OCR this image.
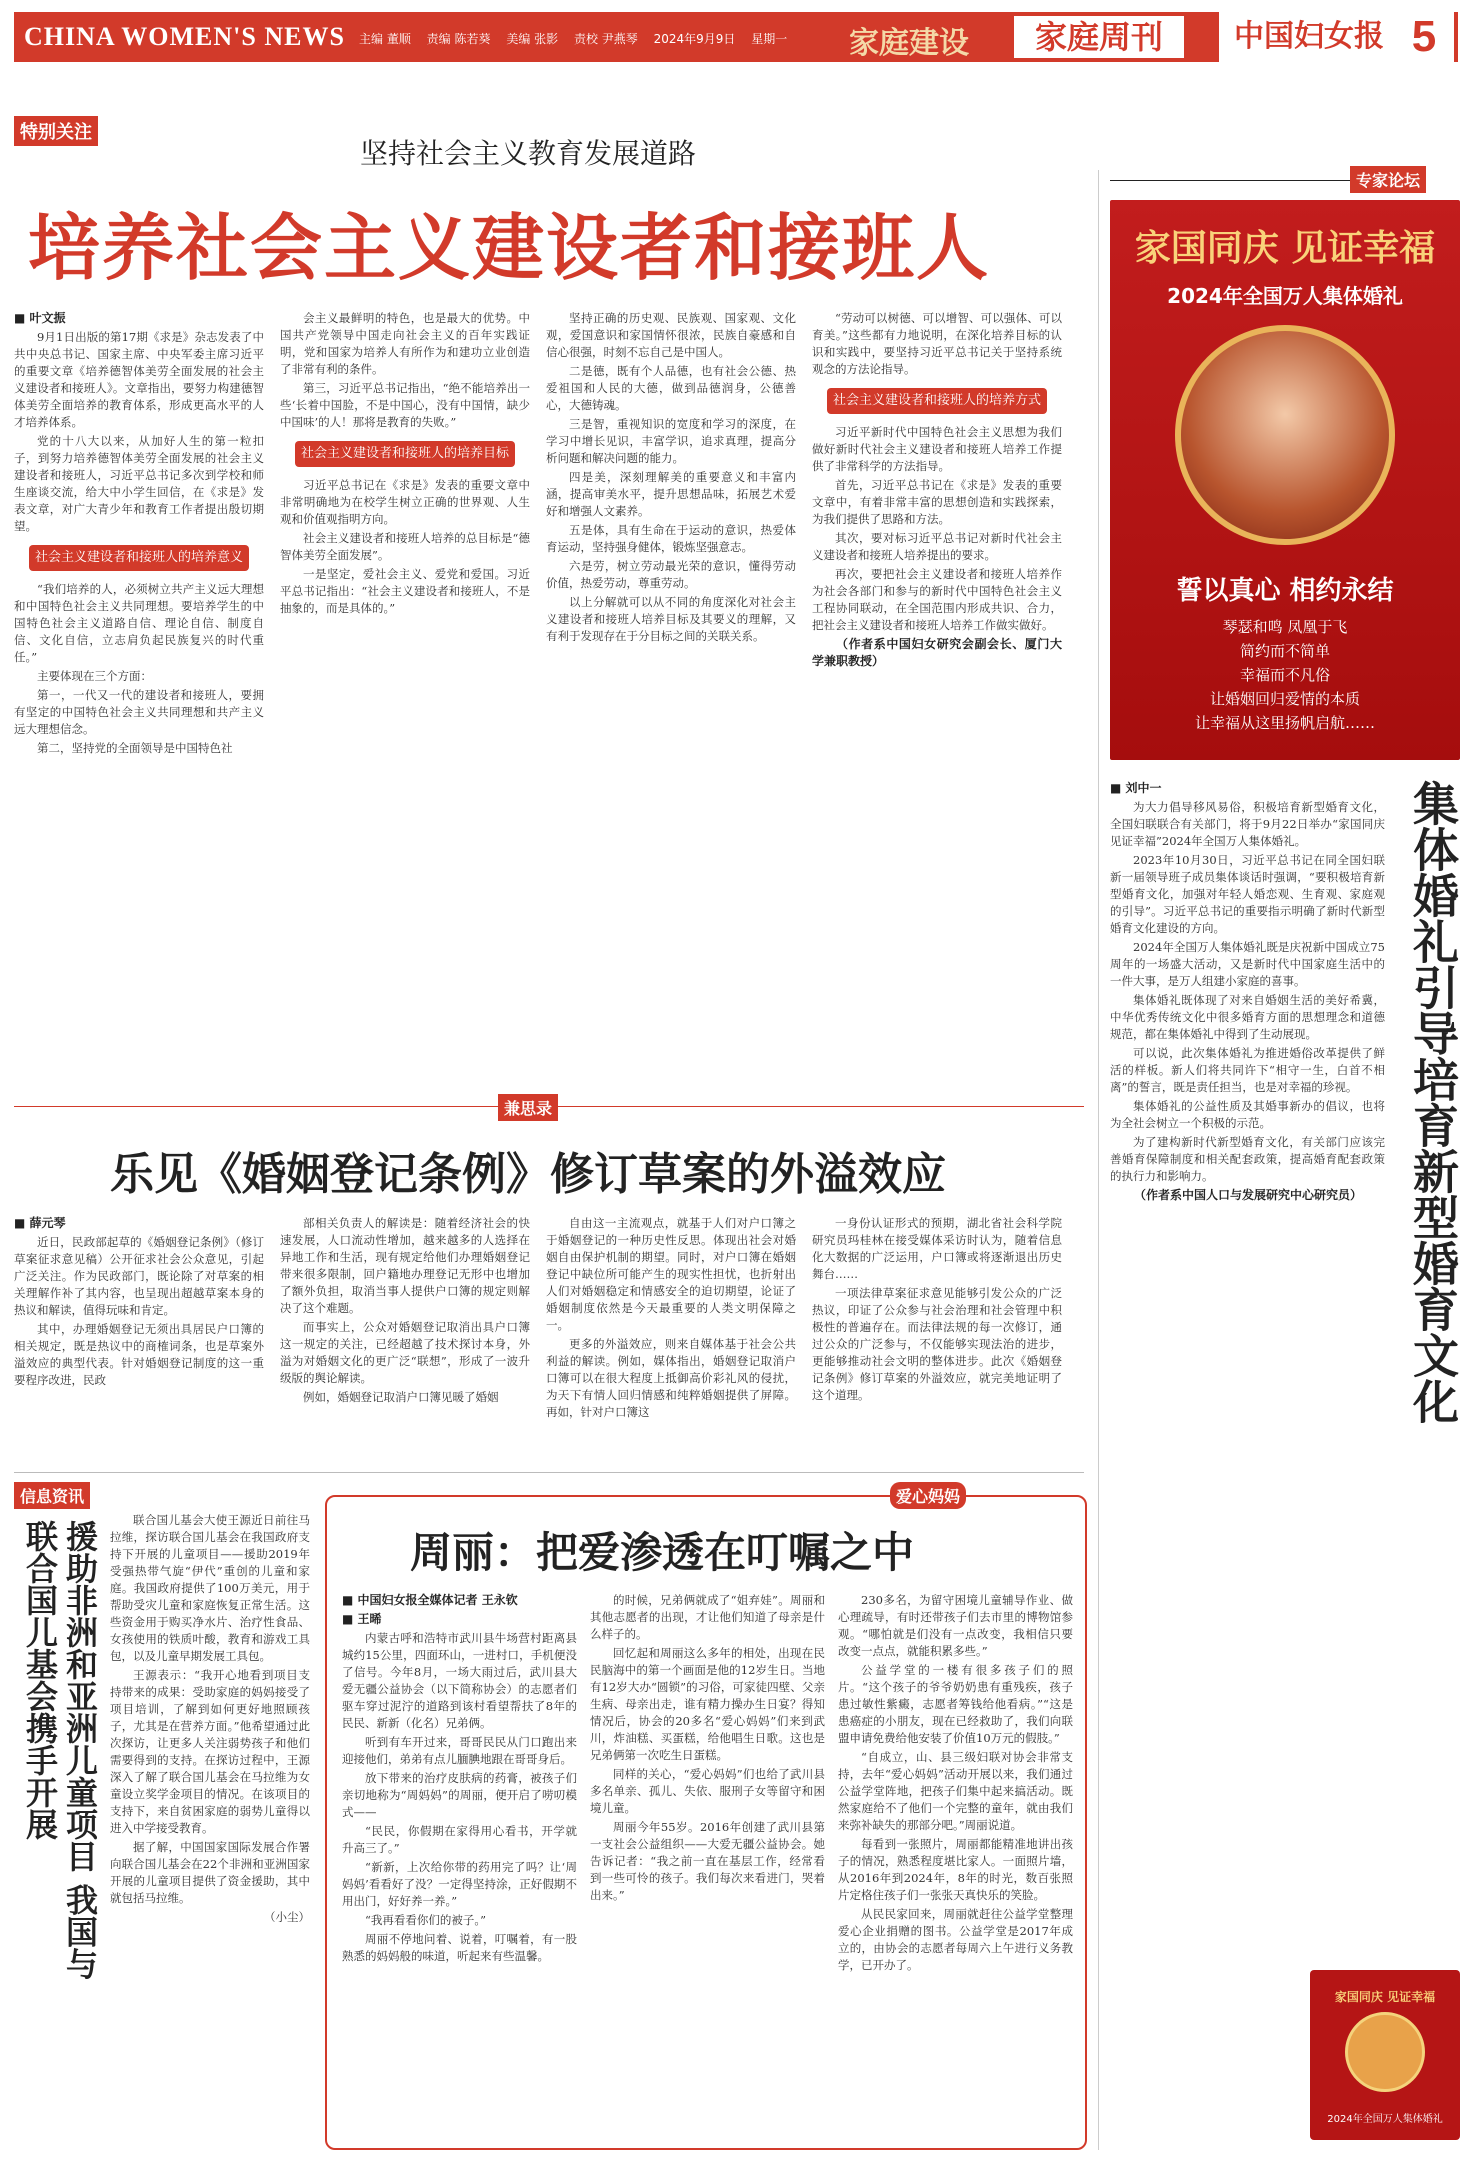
CHINA WOMEN'S NEWS 主编 董顺 责编 陈若葵 美编 张影 责校 尹燕琴 2024年9月9日 星期一	家庭建设	家庭周刊	中国妇女报 5
特别关注
坚持社会主义教育发展道路
培养社会主义建设者和接班人

■ 叶文振

9月1日出版的第17期《求是》杂志发表了中共中央总书记、国家主席、中央军委主席习近平的重要文章《培养德智体美劳全面发展的社会主义建设者和接班人》。文章指出，要努力构建德智体美劳全面培养的教育体系，形成更高水平的人才培养体系。

党的十八大以来，从加好人生的第一粒扣子，到努力培养德智体美劳全面发展的社会主义建设者和接班人，习近平总书记多次到学校和师生座谈交流，给大中小学生回信，在《求是》发表文章，对广大青少年和教育工作者提出殷切期望。

社会主义建设者和接班人的培养意义

“我们培养的人，必须树立共产主义远大理想和中国特色社会主义共同理想。要培养学生的中国特色社会主义道路自信、理论自信、制度自信、文化自信，立志肩负起民族复兴的时代重任。”

主要体现在三个方面：

第一，一代又一代的建设者和接班人，要拥有坚定的中国特色社会主义共同理想和共产主义远大理想信念。

第二，坚持党的全面领导是中国特色社

会主义最鲜明的特色，也是最大的优势。中国共产党领导中国走向社会主义的百年实践证明，党和国家为培养人有所作为和建功立业创造了非常有利的条件。

第三，习近平总书记指出，“绝不能培养出一些‘长着中国脸，不是中国心，没有中国情，缺少中国味’的人！那将是教育的失败。”

社会主义建设者和接班人的培养目标

习近平总书记在《求是》发表的重要文章中非常明确地为在校学生树立正确的世界观、人生观和价值观指明方向。

社会主义建设者和接班人培养的总目标是“德智体美劳全面发展”。

一是坚定，爱社会主义、爱党和爱国。习近平总书记指出：“社会主义建设者和接班人，不是抽象的，而是具体的。”

坚持正确的历史观、民族观、国家观、文化观，爱国意识和家国情怀很浓，民族自豪感和自信心很强，时刻不忘自己是中国人。

二是德，既有个人品德，也有社会公德、热爱祖国和人民的大德，做到品德润身，公德善心，大德铸魂。

三是智，重视知识的宽度和学习的深度，在学习中增长见识，丰富学识，追求真理，提高分析问题和解决问题的能力。

四是美，深刻理解美的重要意义和丰富内涵，提高审美水平，提升思想品味，拓展艺术爱好和增强人文素养。

五是体，具有生命在于运动的意识，热爱体育运动，坚持强身健体，锻炼坚强意志。

六是劳，树立劳动最光荣的意识，懂得劳动价值，热爱劳动，尊重劳动。

以上分解就可以从不同的角度深化对社会主义建设者和接班人培养目标及其要义的理解，又有利于发现存在于分目标之间的关联关系。

“劳动可以树德、可以增智、可以强体、可以育美。”这些都有力地说明，在深化培养目标的认识和实践中，要坚持习近平总书记关于坚持系统观念的方法论指导。

社会主义建设者和接班人的培养方式

习近平新时代中国特色社会主义思想为我们做好新时代社会主义建设者和接班人培养工作提供了非常科学的方法指导。

首先，习近平总书记在《求是》发表的重要文章中，有着非常丰富的思想创造和实践探索，为我们提供了思路和方法。

其次，要对标习近平总书记对新时代社会主义建设者和接班人培养提出的要求。

再次，要把社会主义建设者和接班人培养作为社会各部门和参与的新时代中国特色社会主义工程协同联动，在全国范围内形成共识、合力，把社会主义建设者和接班人培养工作做实做好。

（作者系中国妇女研究会副会长、厦门大学兼职教授）

兼思录
乐见《婚姻登记条例》修订草案的外溢效应

■ 薛元琴

近日，民政部起草的《婚姻登记条例》（修订草案征求意见稿）公开征求社会公众意见，引起广泛关注。作为民政部门，既论除了对草案的相关理解作补了其内容，也呈现出超越草案本身的热议和解读，值得玩味和肯定。

其中，办理婚姻登记无须出具居民户口簿的相关规定，既是热议中的商榷词条，也是草案外溢效应的典型代表。针对婚姻登记制度的这一重要程序改进，民政

部相关负责人的解读是：随着经济社会的快速发展，人口流动性增加，越来越多的人选择在异地工作和生活，现有规定给他们办理婚姻登记带来很多限制，回户籍地办理登记无形中也增加了额外负担，取消当事人提供户口簿的规定则解决了这个难题。

而事实上，公众对婚姻登记取消出具户口簿这一规定的关注，已经超越了技术探讨本身，外溢为对婚姻文化的更广泛“联想”，形成了一波升级版的舆论解读。

例如，婚姻登记取消户口簿见暖了婚姻

自由这一主流观点，就基于人们对户口簿之于婚姻登记的一种历史性反思。体现出社会对婚姻自由保护机制的期望。同时，对户口簿在婚姻登记中缺位所可能产生的现实性担忧，也折射出人们对婚姻稳定和情感安全的迫切期望，论证了婚姻制度依然是今天最重要的人类文明保障之一。

更多的外溢效应，则来自媒体基于社会公共利益的解读。例如，媒体指出，婚姻登记取消户口簿可以在很大程度上抵御高价彩礼风的侵扰，为天下有情人回归情感和纯粹婚姻提供了屏障。再如，针对户口簿这

一身份认证形式的预期，湖北省社会科学院研究员玛桂林在接受媒体采访时认为，随着信息化大数据的广泛运用，户口簿或将逐渐退出历史舞台……

一项法律草案征求意见能够引发公众的广泛热议，印证了公众参与社会治理和社会管理中积极性的普遍存在。而法律法规的每一次修订，通过公众的广泛参与，不仅能够实现法治的进步，更能够推动社会文明的整体进步。此次《婚姻登记条例》修订草案的外溢效应，就完美地证明了这个道理。

信息资讯
援助非洲和亚洲儿童项目 我国与联合国儿基会携手开展	联合国儿基会大使王源近日前往马拉维，探访联合国儿基会在我国政府支持下开展的儿童项目——援助2019年受强热带气旋“伊代”重创的儿童和家庭。我国政府提供了100万美元，用于帮助受灾儿童和家庭恢复正常生活。这些资金用于购买净水片、治疗性食品、女孩使用的铁质叶酸，教育和游戏工具包，以及儿童早期发展工具包。

王源表示：“我开心地看到项目支持带来的成果：受助家庭的妈妈接受了项目培训，了解到如何更好地照顾孩子，尤其是在营养方面。”他希望通过此次探访，让更多人关注弱势孩子和他们需要得到的支持。在探访过程中，王源深入了解了联合国儿基会在马拉维为女童设立奖学金项目的情况。在该项目的支持下，来自贫困家庭的弱势儿童得以进入中学接受教育。

据了解，中国国家国际发展合作署向联合国儿基会在22个非洲和亚洲国家开展的儿童项目提供了资金援助，其中就包括马拉维。

（小尘）

爱心妈妈
周丽：把爱渗透在叮嘱之中

■ 中国妇女报全媒体记者 王永钦

■ 王晞

内蒙古呼和浩特市武川县牛场营村距离县城约15公里，四面环山，一进村口，手机便没了信号。今年8月，一场大雨过后，武川县大爱无疆公益协会（以下简称协会）的志愿者们驱车穿过泥泞的道路到该村看望帮扶了8年的民民、新新（化名）兄弟俩。

听到有车开过来，哥哥民民从门口跑出来迎接他们，弟弟有点儿腼腆地跟在哥哥身后。

放下带来的治疗皮肤病的药膏，被孩子们亲切地称为“周妈妈”的周丽，便开启了唠叨模式——

“民民，你假期在家得用心看书，开学就升高三了。”

“新新，上次给你带的药用完了吗？让‘周妈妈’看看好了没？一定得坚持涂，正好假期不用出门，好好养一养。”

“我再看看你们的被子。”

周丽不停地问着、说着，叮嘱着，有一股熟悉的妈妈般的味道，听起来有些温馨。

的时候，兄弟俩就成了“姐弃娃”。周丽和其他志愿者的出现，才让他们知道了母亲是什么样子的。

回忆起和周丽这么多年的相处，出现在民民脑海中的第一个画面是他的12岁生日。当地有12岁大办“圆锁”的习俗，可家徒四壁、父亲生病、母亲出走，谁有精力操办生日宴？得知情况后，协会的20多名“爱心妈妈”们来到武川，炸油糕、买蛋糕，给他唱生日歌。这也是兄弟俩第一次吃生日蛋糕。

同样的关心，“爱心妈妈”们也给了武川县多名单亲、孤儿、失依、服刑子女等留守和困境儿童。

周丽今年55岁。2016年创建了武川县第一支社会公益组织——大爱无疆公益协会。她告诉记者：“我之前一直在基层工作，经常看到一些可怜的孩子。我们每次来看进门，哭着出来。”

230多名，为留守困境儿童辅导作业、做心理疏导，有时还带孩子们去市里的博物馆参观。“哪怕就是们没有一点改变，我相信只要改变一点点，就能积累多些。”

公益学堂的一楼有很多孩子们的照片。“这个孩子的爷爷奶奶患有重残疾，孩子患过敏性紫癜，志愿者筹钱给他看病。”“这是患癌症的小朋友，现在已经救助了，我们向联盟申请免费给他安装了价值10万元的假肢。”

“自成立，山、县三级妇联对协会非常支持，去年“爱心妈妈”活动开展以来，我们通过公益学堂阵地，把孩子们集中起来搞活动。既然家庭给不了他们一个完整的童年，就由我们来弥补缺失的那部分吧。”周丽说道。

每看到一张照片，周丽都能精准地讲出孩子的情况，熟悉程度堪比家人。一面照片墙，从2016年到2024年，8年的时光，数百张照片定格住孩子们一张张天真快乐的笑脸。

从民民家回来，周丽就赶往公益学堂整理爱心企业捐赠的图书。公益学堂是2017年成立的，由协会的志愿者每周六上午进行义务教学，已开办了。

专家论坛
家国同庆 见证幸福
2024年全国万人集体婚礼
誓以真心 相约永结
琴瑟和鸣 凤凰于飞
简约而不简单
幸福而不凡俗
让婚姻回归爱情的本质
让幸福从这里扬帆启航……
集体婚礼引导培育新型婚育文化

■ 刘中一

为大力倡导移风易俗，积极培育新型婚育文化，全国妇联联合有关部门，将于9月22日举办“家国同庆 见证幸福”2024年全国万人集体婚礼。

2023年10月30日，习近平总书记在同全国妇联新一届领导班子成员集体谈话时强调，“要积极培育新型婚育文化，加强对年轻人婚恋观、生育观、家庭观的引导”。习近平总书记的重要指示明确了新时代新型婚育文化建设的方向。

2024年全国万人集体婚礼既是庆祝新中国成立75周年的一场盛大活动，又是新时代中国家庭生活中的一件大事，是万人组建小家庭的喜事。

集体婚礼既体现了对来自婚姻生活的美好希冀，中华优秀传统文化中很多婚育方面的思想理念和道德规范，都在集体婚礼中得到了生动展现。

可以说，此次集体婚礼为推进婚俗改革提供了鲜活的样板。新人们将共同许下“相守一生，白首不相离”的誓言，既是责任担当，也是对幸福的珍视。

集体婚礼的公益性质及其婚事新办的倡议，也将为全社会树立一个积极的示范。

为了建构新时代新型婚育文化，有关部门应该完善婚育保障制度和相关配套政策，提高婚育配套政策的执行力和影响力。

（作者系中国人口与发展研究中心研究员）

家国同庆 见证幸福
2024年全国万人集体婚礼
